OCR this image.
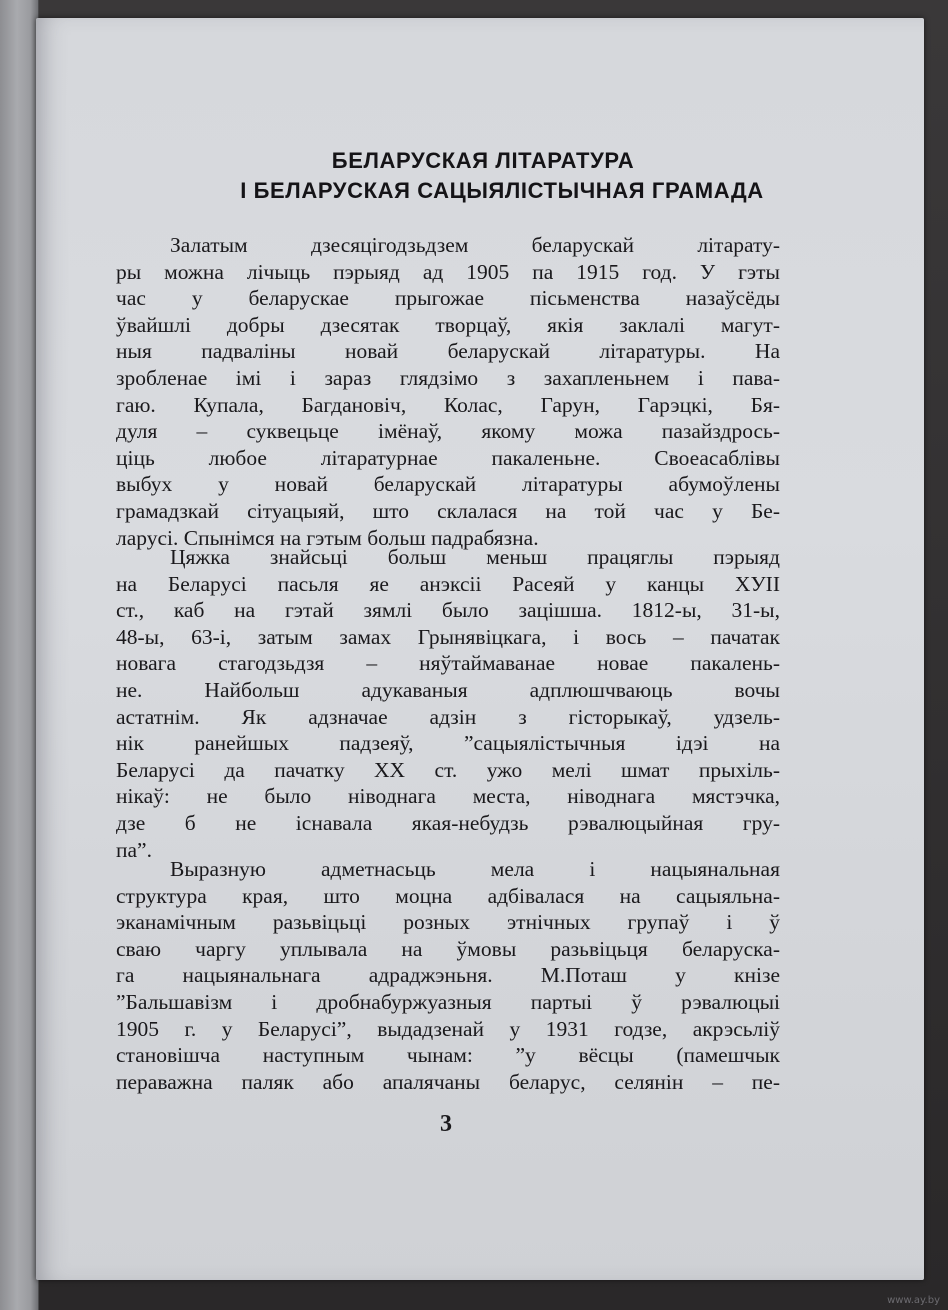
БЕЛАРУСКАЯ ЛІТАРАТУРА
І БЕЛАРУСКАЯ САЦЫЯЛІСТЫЧНАЯ ГРАМАДА
Залатым дзесяцігодзьдзем беларускай літарату-
ры можна лічыць пэрыяд ад 1905 па 1915 год. У гэты
час у беларускае прыгожае пісьменства назаўсёды
ўвайшлі добры дзесятак творцаў, якія заклалі магут-
ныя падваліны новай беларускай літаратуры. На
зробленае імі і зараз глядзімо з захапленьнем і пава-
гаю. Купала, Багдановіч, Колас, Гарун, Гарэцкі, Бя-
дуля – суквецьце імёнаў, якому можа пазайздрось-
ціць любое літаратурнае пакаленьне. Своеасаблівы
выбух у новай беларускай літаратуры абумоўлены
грамадзкай сітуацыяй, што склалася на той час у Бе-
ларусі. Спынімся на гэтым больш падрабязна.
Цяжка знайсьці больш меньш працяглы пэрыяд
на Беларусі пасьля яе анэксіі Расеяй у канцы ХУІІ
ст., каб на гэтай зямлі было зацішша. 1812-ы, 31-ы,
48-ы, 63-і, затым замах Грынявіцкага, і вось – пачатак
новага стагодзьдзя – няўтаймаванае новае пакалень-
не. Найбольш адукаваныя адплюшчваюць вочы
астатнім. Як адзначае адзін з гісторыкаў, удзель-
нік ранейшых падзеяў, ”сацыялістычныя ідэі на
Беларусі да пачатку ХХ ст. ужо мелі шмат прыхіль-
нікаў: не было ніводнага места, ніводнага мястэчка,
дзе б не існавала якая-небудзь рэвалюцыйная гру-
па”.
Выразную адметнасьць мела і нацыянальная
структура края, што моцна адбівалася на сацыяльна-
эканамічным разьвіцьці розных этнічных групаў і ў
сваю чаргу уплывала на ўмовы разьвіцьця беларуска-
га нацыянальнага адраджэньня. М.Поташ у кнізе
”Бальшавізм і дробнабуржуазныя партыі ў рэвалюцыі
1905 г. у Беларусі”, выдадзенай у 1931 годзе, акрэсьліў
становішча наступным чынам: ”у вёсцы (памешчык
пераважна паляк або апалячаны беларус, селянін – пе-
3
www.ay.by
